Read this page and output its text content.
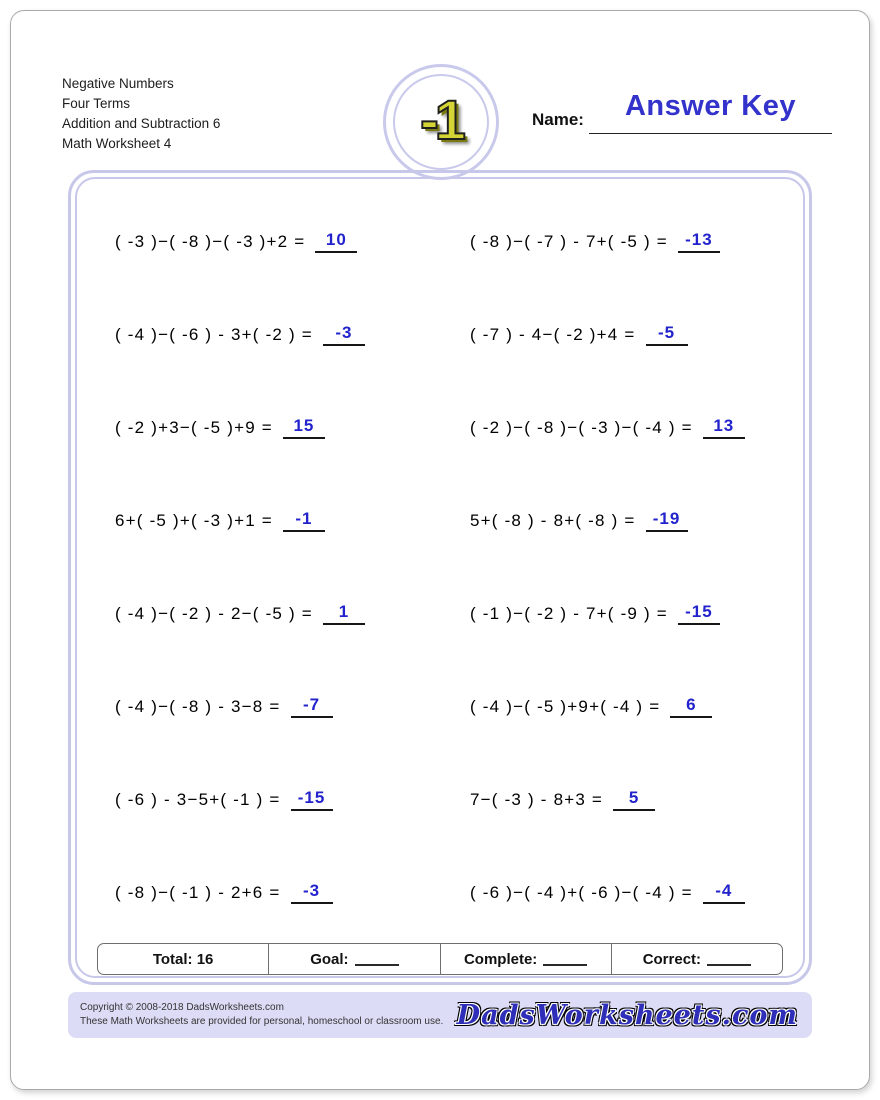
Negative Numbers
Four Terms
Addition and Subtraction 6
Math Worksheet 4	-1	Name:	Answer Key
( -3 )−( -8 )−( -3 )+2 =	10	( -8 )−( -7 ) - 7+( -5 ) =	-13
( -4 )−( -6 ) - 3+( -2 ) =	-3	( -7 ) - 4−( -2 )+4 =	-5
( -2 )+3−( -5 )+9 =	15	( -2 )−( -8 )−( -3 )−( -4 ) =	13
6+( -5 )+( -3 )+1 =	-1	5+( -8 ) - 8+( -8 ) =	-19
( -4 )−( -2 ) - 2−( -5 ) =	1	( -1 )−( -2 ) - 7+( -9 ) =	-15
( -4 )−( -8 ) - 3−8 =	-7	( -4 )−( -5 )+9+( -4 ) =	6
( -6 ) - 3−5+( -1 ) =	-15	7−( -3 ) - 8+3 =	5
( -8 )−( -1 ) - 2+6 =	-3	( -6 )−( -4 )+( -6 )−( -4 ) =	-4
Total: 16	Goal:	Complete:	Correct:
Copyright © 2008-2018 DadsWorksheets.com
These Math Worksheets are provided for personal, homeschool or classroom use. DadsWorksheets.com
